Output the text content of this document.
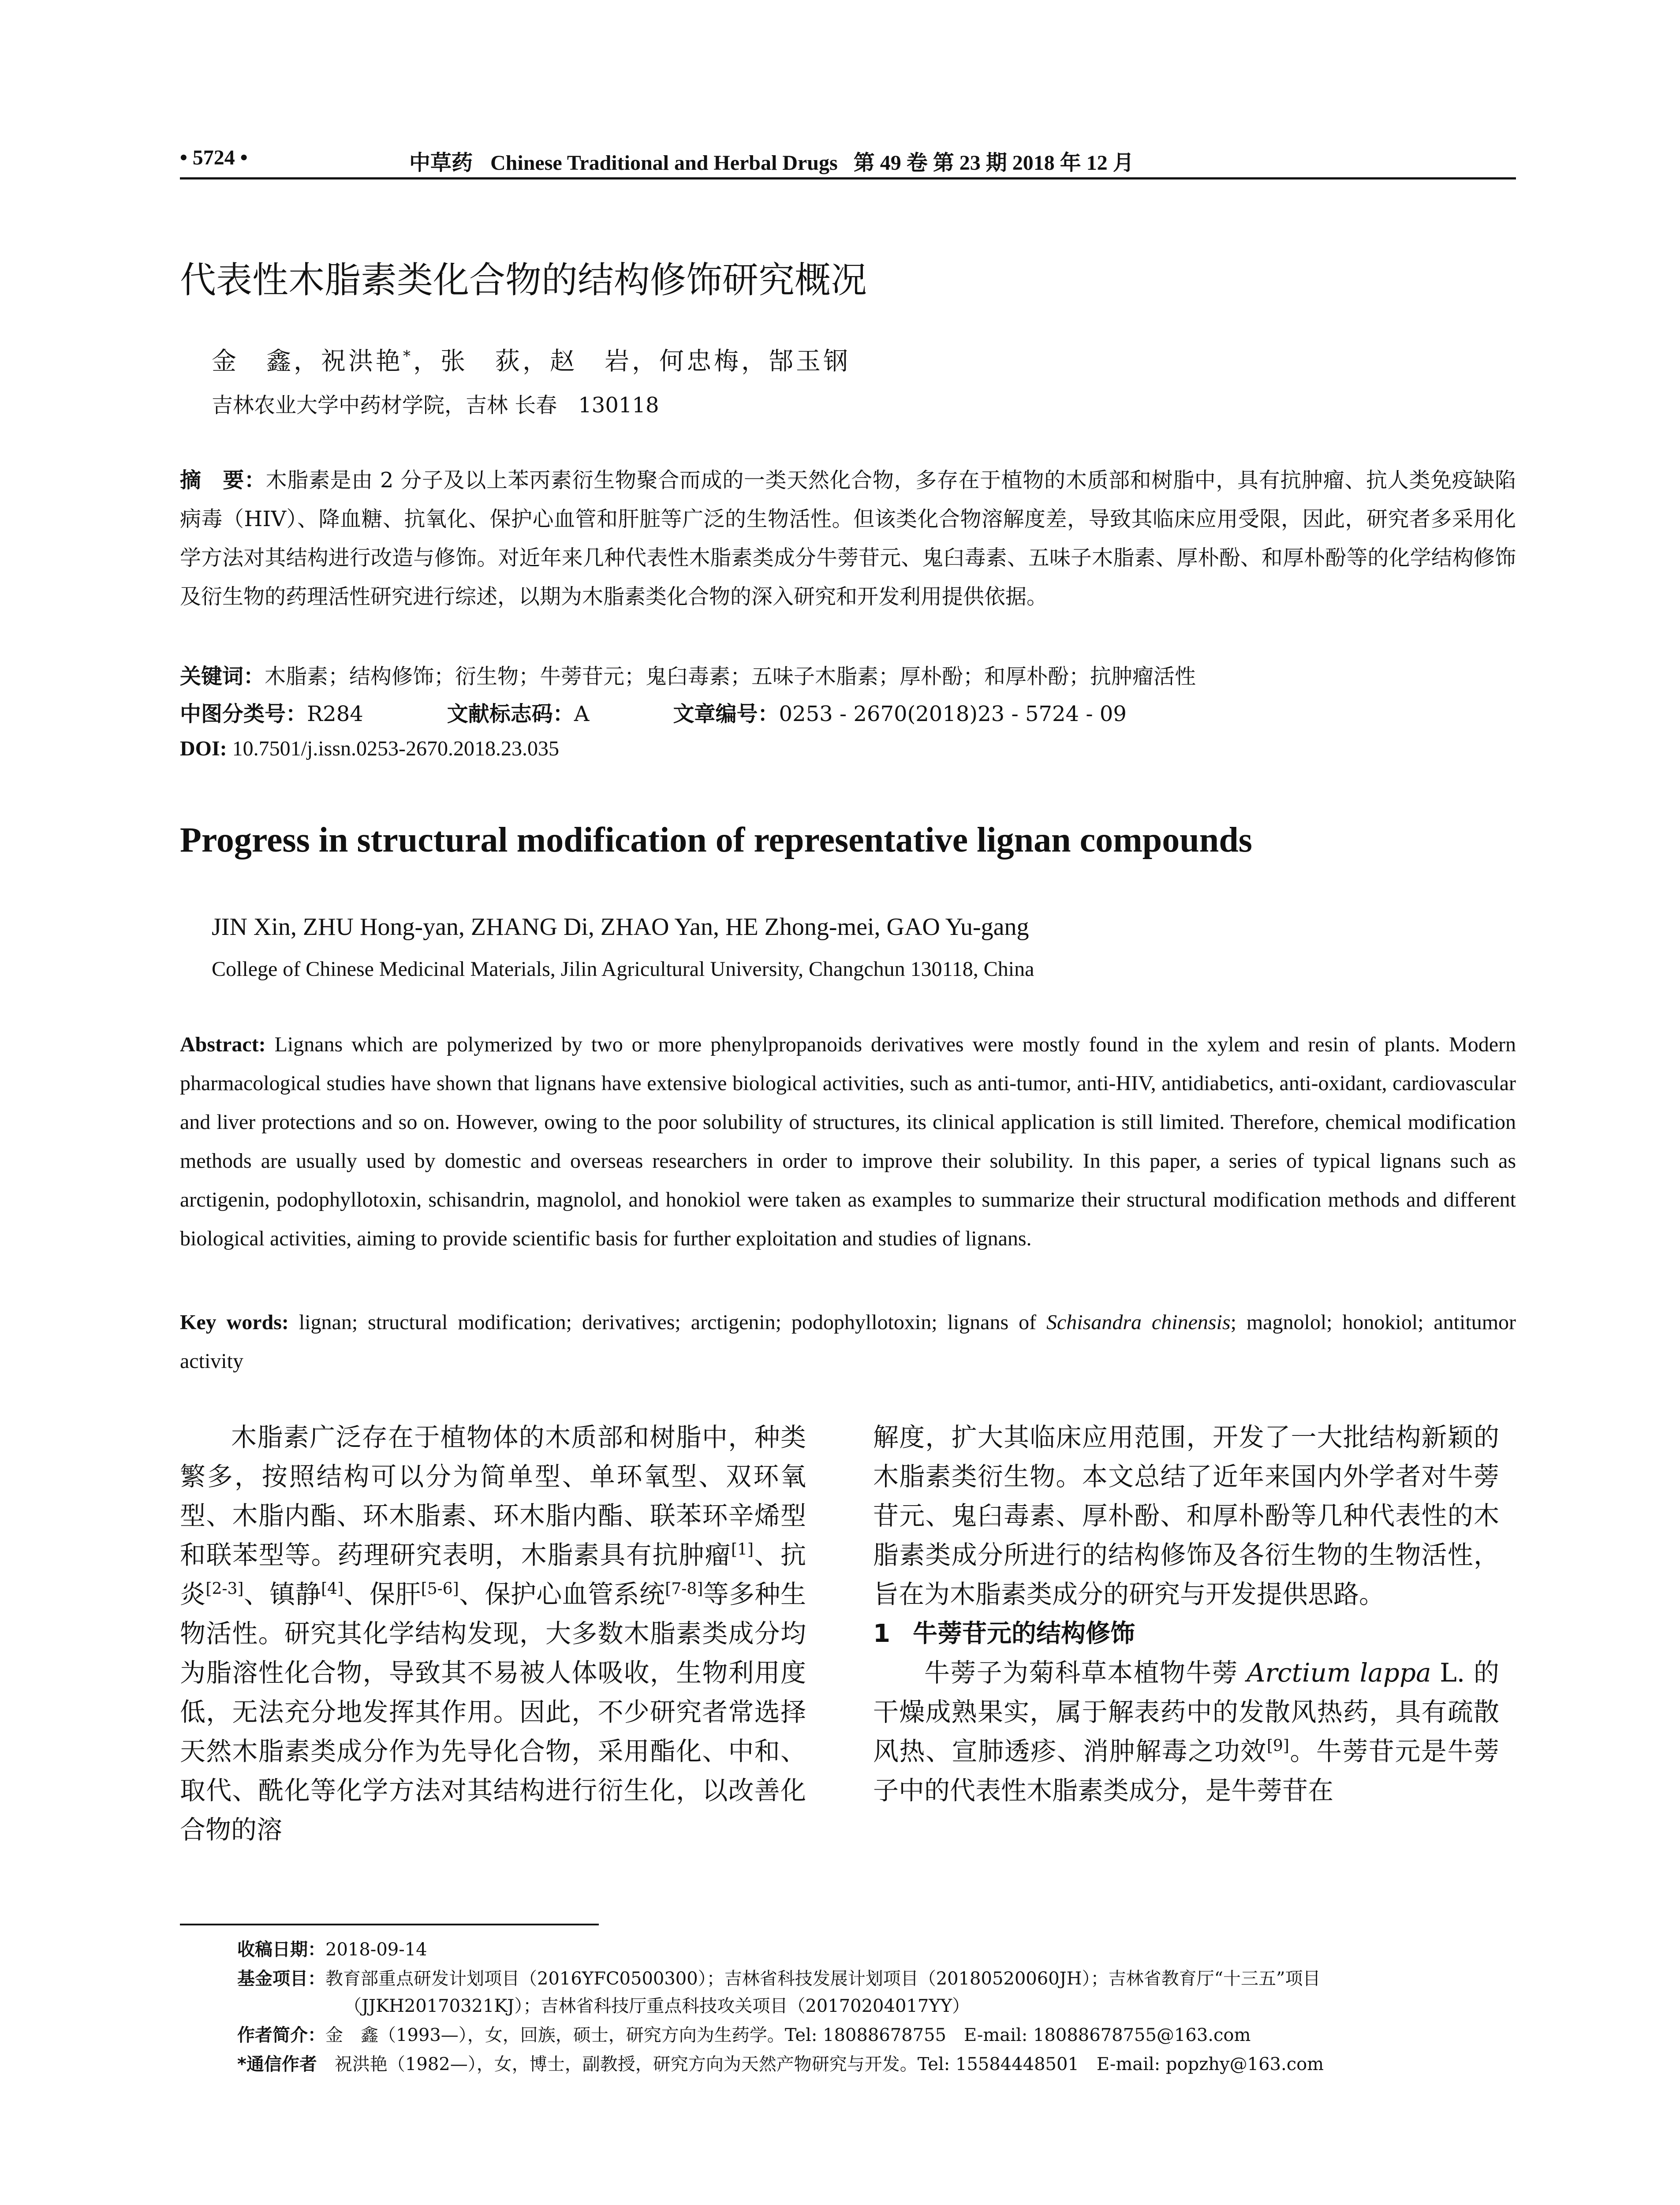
• 5724 •	中草药 Chinese Traditional and Herbal Drugs 第 49 卷 第 23 期 2018 年 12 月
代表性木脂素类化合物的结构修饰研究概况
金　鑫，祝洪艳*，张　荻，赵　岩，何忠梅，郜玉钢
吉林农业大学中药材学院，吉林 长春　130118
摘　要：木脂素是由 2 分子及以上苯丙素衍生物聚合而成的一类天然化合物，多存在于植物的木质部和树脂中，具有抗肿瘤、抗人类免疫缺陷病毒（HIV）、降血糖、抗氧化、保护心血管和肝脏等广泛的生物活性。但该类化合物溶解度差，导致其临床应用受限，因此，研究者多采用化学方法对其结构进行改造与修饰。对近年来几种代表性木脂素类成分牛蒡苷元、鬼臼毒素、五味子木脂素、厚朴酚、和厚朴酚等的化学结构修饰及衍生物的药理活性研究进行综述，以期为木脂素类化合物的深入研究和开发利用提供依据。
关键词：木脂素；结构修饰；衍生物；牛蒡苷元；鬼臼毒素；五味子木脂素；厚朴酚；和厚朴酚；抗肿瘤活性
中图分类号：R284	文献标志码：A	文章编号：0253 - 2670(2018)23 - 5724 - 09
DOI: 10.7501/j.issn.0253-2670.2018.23.035
Progress in structural modification of representative lignan compounds
JIN Xin, ZHU Hong-yan, ZHANG Di, ZHAO Yan, HE Zhong-mei, GAO Yu-gang
College of Chinese Medicinal Materials, Jilin Agricultural University, Changchun 130118, China
Abstract: Lignans which are polymerized by two or more phenylpropanoids derivatives were mostly found in the xylem and resin of plants. Modern pharmacological studies have shown that lignans have extensive biological activities, such as anti-tumor, anti-HIV, antidiabetics, anti-oxidant, cardiovascular and liver protections and so on. However, owing to the poor solubility of structures, its clinical application is still limited. Therefore, chemical modification methods are usually used by domestic and overseas researchers in order to improve their solubility. In this paper, a series of typical lignans such as arctigenin, podophyllotoxin, schisandrin, magnolol, and honokiol were taken as examples to summarize their structural modification methods and different biological activities, aiming to provide scientific basis for further exploitation and studies of lignans.
Key words: lignan; structural modification; derivatives; arctigenin; podophyllotoxin; lignans of Schisandra chinensis; magnolol; honokiol; antitumor activity

木脂素广泛存在于植物体的木质部和树脂中，种类繁多，按照结构可以分为简单型、单环氧型、双环氧型、木脂内酯、环木脂素、环木脂内酯、联苯环辛烯型和联苯型等。药理研究表明，木脂素具有抗肿瘤[1]、抗炎[2-3]、镇静[4]、保肝[5-6]、保护心血管系统[7-8]等多种生物活性。研究其化学结构发现，大多数木脂素类成分均为脂溶性化合物，导致其不易被人体吸收，生物利用度低，无法充分地发挥其作用。因此，不少研究者常选择天然木脂素类成分作为先导化合物，采用酯化、中和、取代、酰化等化学方法对其结构进行衍生化，以改善化合物的溶

解度，扩大其临床应用范围，开发了一大批结构新颖的木脂素类衍生物。本文总结了近年来国内外学者对牛蒡苷元、鬼臼毒素、厚朴酚、和厚朴酚等几种代表性的木脂素类成分所进行的结构修饰及各衍生物的生物活性，旨在为木脂素类成分的研究与开发提供思路。

1 牛蒡苷元的结构修饰

牛蒡子为菊科草本植物牛蒡 Arctium lappa L. 的干燥成熟果实，属于解表药中的发散风热药，具有疏散风热、宣肺透疹、消肿解毒之功效[9]。牛蒡苷元是牛蒡子中的代表性木脂素类成分，是牛蒡苷在

收稿日期：2018-09-14
基金项目：教育部重点研发计划项目（2016YFC0500300）；吉林省科技发展计划项目（20180520060JH）；吉林省教育厅“十三五”项目
（JJKH20170321KJ）；吉林省科技厅重点科技攻关项目（20170204017YY）
作者简介：金　鑫（1993—），女，回族，硕士，研究方向为生药学。Tel: 18088678755　E-mail: 18088678755@163.com
*通信作者　祝洪艳（1982—），女，博士，副教授，研究方向为天然产物研究与开发。Tel: 15584448501　E-mail: popzhy@163.com
